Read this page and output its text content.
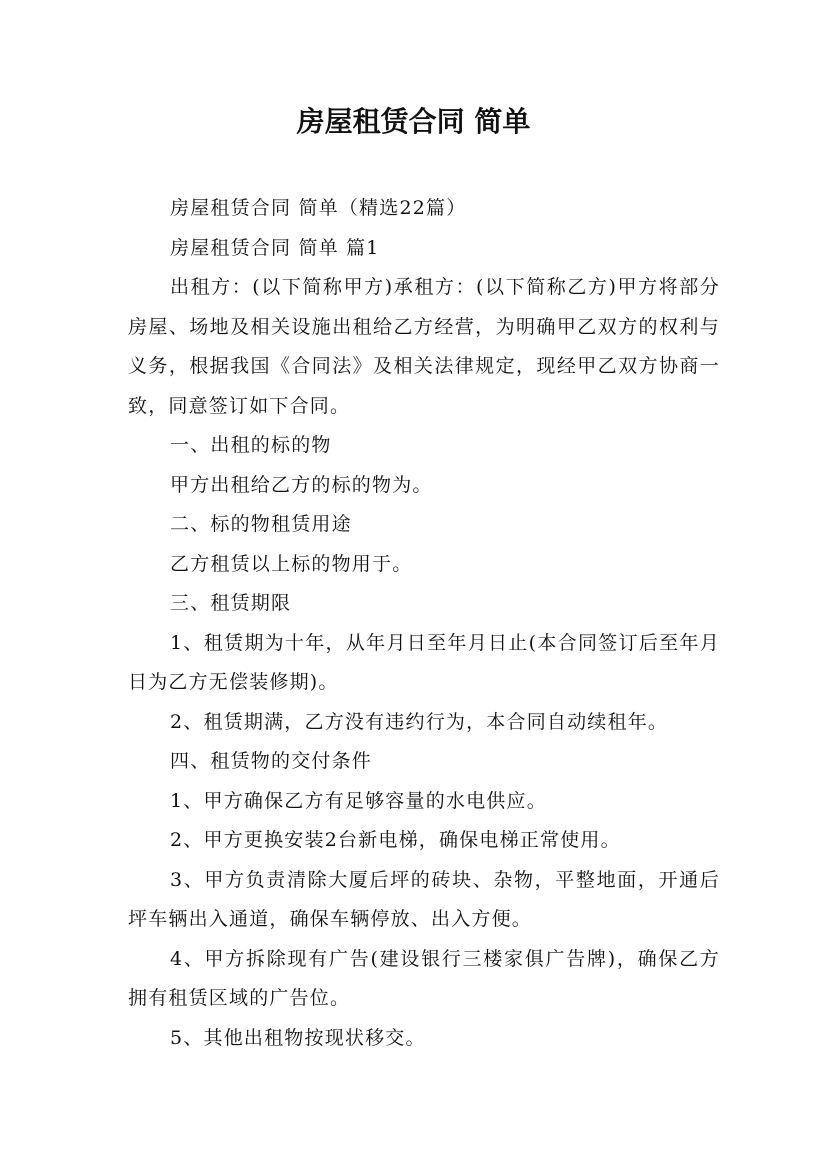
房屋租赁合同 简单

房屋租赁合同 简单（精选22篇）

房屋租赁合同 简单 篇1

出租方：(以下简称甲方)承租方：(以下简称乙方)甲方将部分房屋、场地及相关设施出租给乙方经营，为明确甲乙双方的权利与义务，根据我国《合同法》及相关法律规定，现经甲乙双方协商一致，同意签订如下合同。

一、出租的标的物

甲方出租给乙方的标的物为。

二、标的物租赁用途

乙方租赁以上标的物用于。

三、租赁期限

1、租赁期为十年，从年月日至年月日止(本合同签订后至年月日为乙方无偿装修期)。

2、租赁期满，乙方没有违约行为，本合同自动续租年。

四、租赁物的交付条件

1、甲方确保乙方有足够容量的水电供应。

2、甲方更换安装2台新电梯，确保电梯正常使用。

3、甲方负责清除大厦后坪的砖块、杂物，平整地面，开通后坪车辆出入通道，确保车辆停放、出入方便。

4、甲方拆除现有广告(建设银行三楼家俱广告牌)，确保乙方拥有租赁区域的广告位。

5、其他出租物按现状移交。
